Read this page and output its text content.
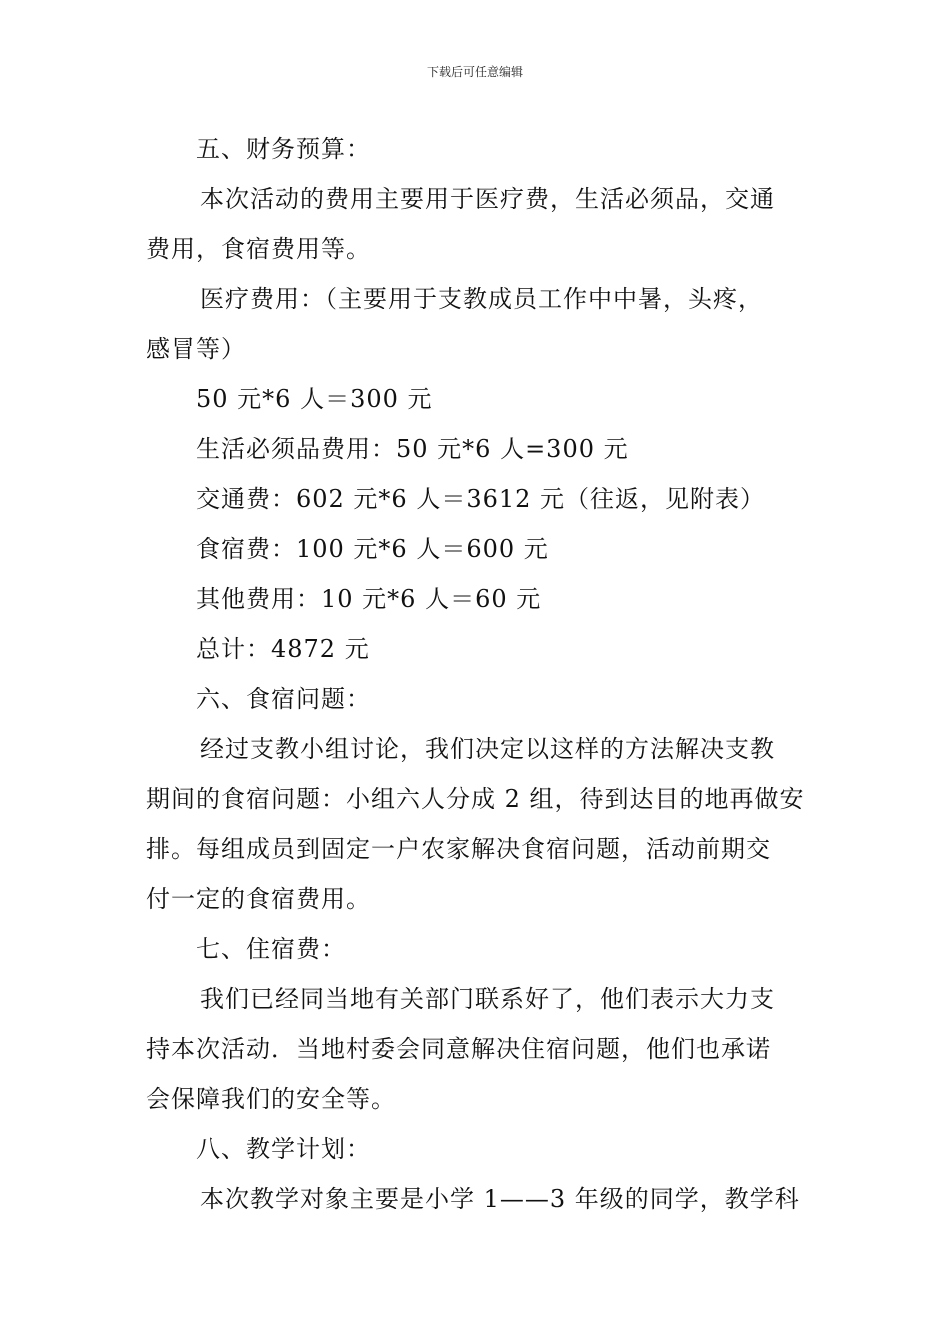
下载后可任意编辑
五、财务预算：
本次活动的费用主要用于医疗费，生活必须品，交通
费用，食宿费用等。
医疗费用：（主要用于支教成员工作中中暑，头疼，
感冒等）
50 元*6 人＝300 元
生活必须品费用：50 元*6 人=300 元
交通费：602 元*6 人＝3612 元（往返，见附表）
食宿费：100 元*6 人＝600 元
其他费用：10 元*6 人＝60 元
总计：4872 元
六、食宿问题：
经过支教小组讨论，我们决定以这样的方法解决支教
期间的食宿问题：小组六人分成 2 组，待到达目的地再做安
排。每组成员到固定一户农家解决食宿问题，活动前期交
付一定的食宿费用。
七、住宿费：
我们已经同当地有关部门联系好了，他们表示大力支
持本次活动．当地村委会同意解决住宿问题，他们也承诺
会保障我们的安全等。
八、教学计划：
本次教学对象主要是小学 1——3 年级的同学，教学科
